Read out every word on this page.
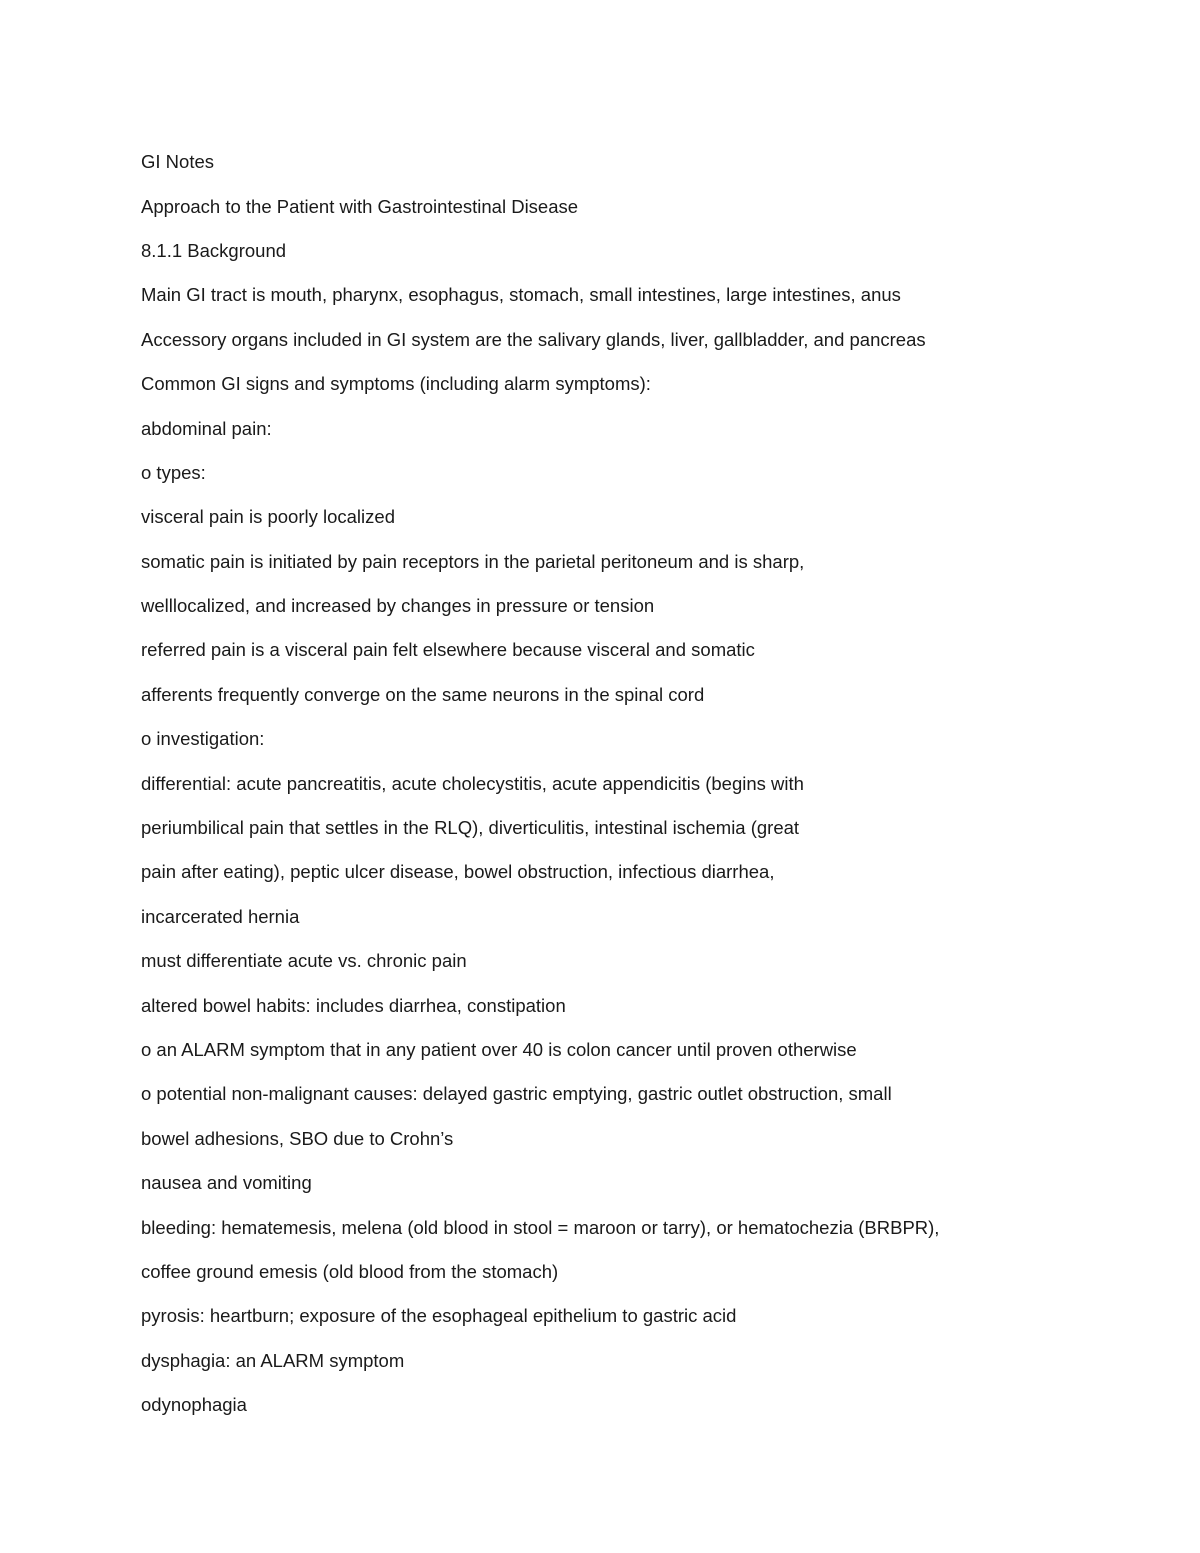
GI Notes
Approach to the Patient with Gastrointestinal Disease
8.1.1 Background
Main GI tract is mouth, pharynx, esophagus, stomach, small intestines, large intestines, anus
Accessory organs included in GI system are the salivary glands, liver, gallbladder, and pancreas
Common GI signs and symptoms (including alarm symptoms):
abdominal pain:
o types:
visceral pain is poorly localized
somatic pain is initiated by pain receptors in the parietal peritoneum and is sharp,
welllocalized, and increased by changes in pressure or tension
referred pain is a visceral pain felt elsewhere because visceral and somatic
afferents frequently converge on the same neurons in the spinal cord
o investigation:
differential: acute pancreatitis, acute cholecystitis, acute appendicitis (begins with
periumbilical pain that settles in the RLQ), diverticulitis, intestinal ischemia (great
pain after eating), peptic ulcer disease, bowel obstruction, infectious diarrhea,
incarcerated hernia
must differentiate acute vs. chronic pain
altered bowel habits: includes diarrhea, constipation
o an ALARM symptom that in any patient over 40 is colon cancer until proven otherwise
o potential non-malignant causes: delayed gastric emptying, gastric outlet obstruction, small
bowel adhesions, SBO due to Crohn’s
nausea and vomiting
bleeding: hematemesis, melena (old blood in stool = maroon or tarry), or hematochezia (BRBPR),
coffee ground emesis (old blood from the stomach)
pyrosis: heartburn; exposure of the esophageal epithelium to gastric acid
dysphagia: an ALARM symptom
odynophagia
